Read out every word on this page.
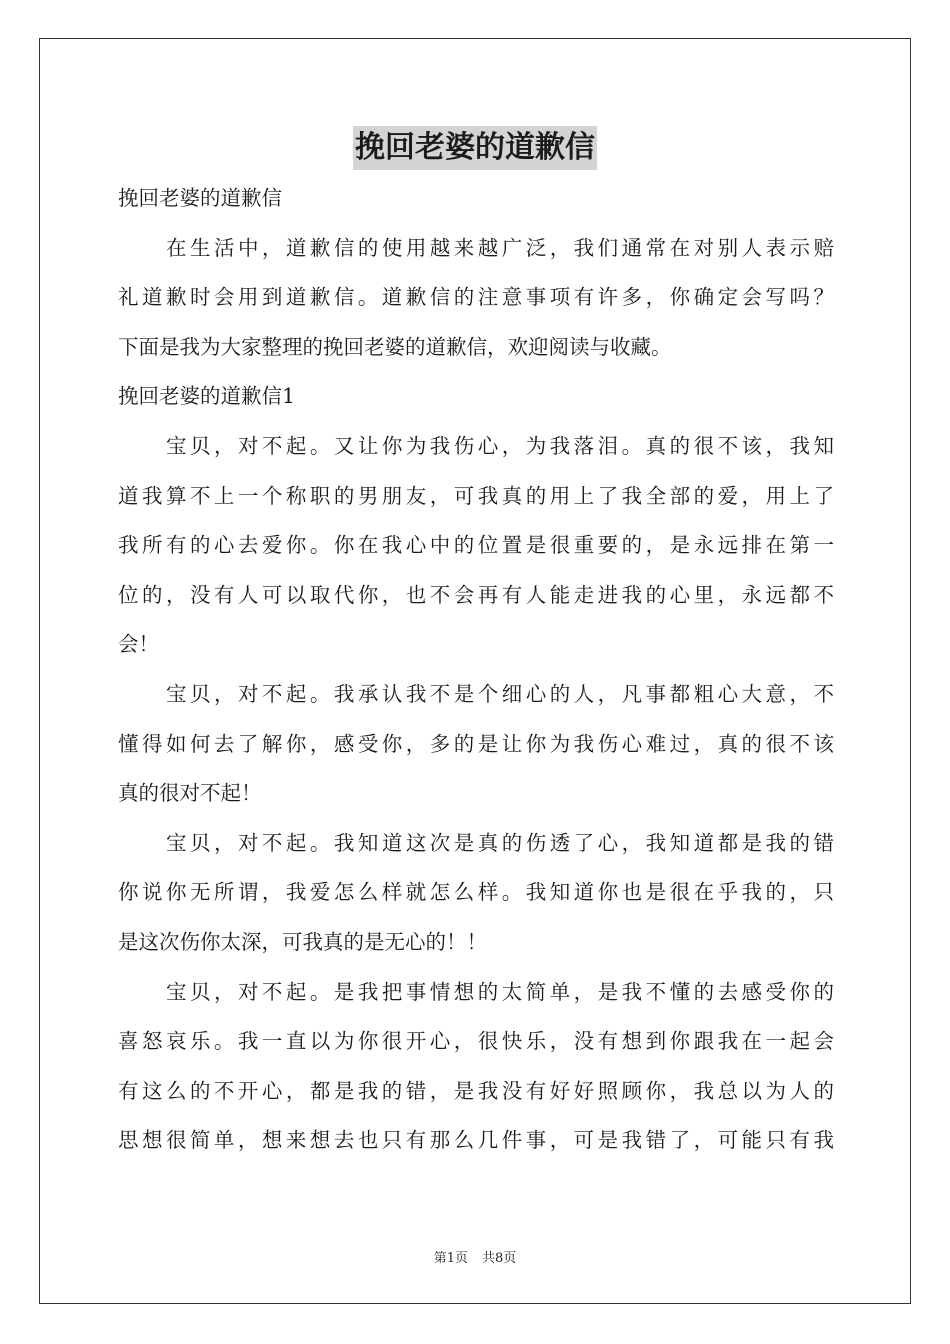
挽回老婆的道歉信
挽回老婆的道歉信
在生活中，道歉信的使用越来越广泛，我们通常在对别人表示赔
礼道歉时会用到道歉信。道歉信的注意事项有许多，你确定会写吗？
下面是我为大家整理的挽回老婆的道歉信，欢迎阅读与收藏。
挽回老婆的道歉信1
宝贝，对不起。又让你为我伤心，为我落泪。真的很不该，我知
道我算不上一个称职的男朋友，可我真的用上了我全部的爱，用上了
我所有的心去爱你。你在我心中的位置是很重要的，是永远排在第一
位的，没有人可以取代你，也不会再有人能走进我的心里，永远都不
会！
宝贝，对不起。我承认我不是个细心的人，凡事都粗心大意，不
懂得如何去了解你，感受你，多的是让你为我伤心难过，真的很不该
真的很对不起！
宝贝，对不起。我知道这次是真的伤透了心，我知道都是我的错
你说你无所谓，我爱怎么样就怎么样。我知道你也是很在乎我的，只
是这次伤你太深，可我真的是无心的！！
宝贝，对不起。是我把事情想的太简单，是我不懂的去感受你的
喜怒哀乐。我一直以为你很开心，很快乐，没有想到你跟我在一起会
有这么的不开心，都是我的错，是我没有好好照顾你，我总以为人的
思想很简单，想来想去也只有那么几件事，可是我错了，可能只有我
第1页 共8页
